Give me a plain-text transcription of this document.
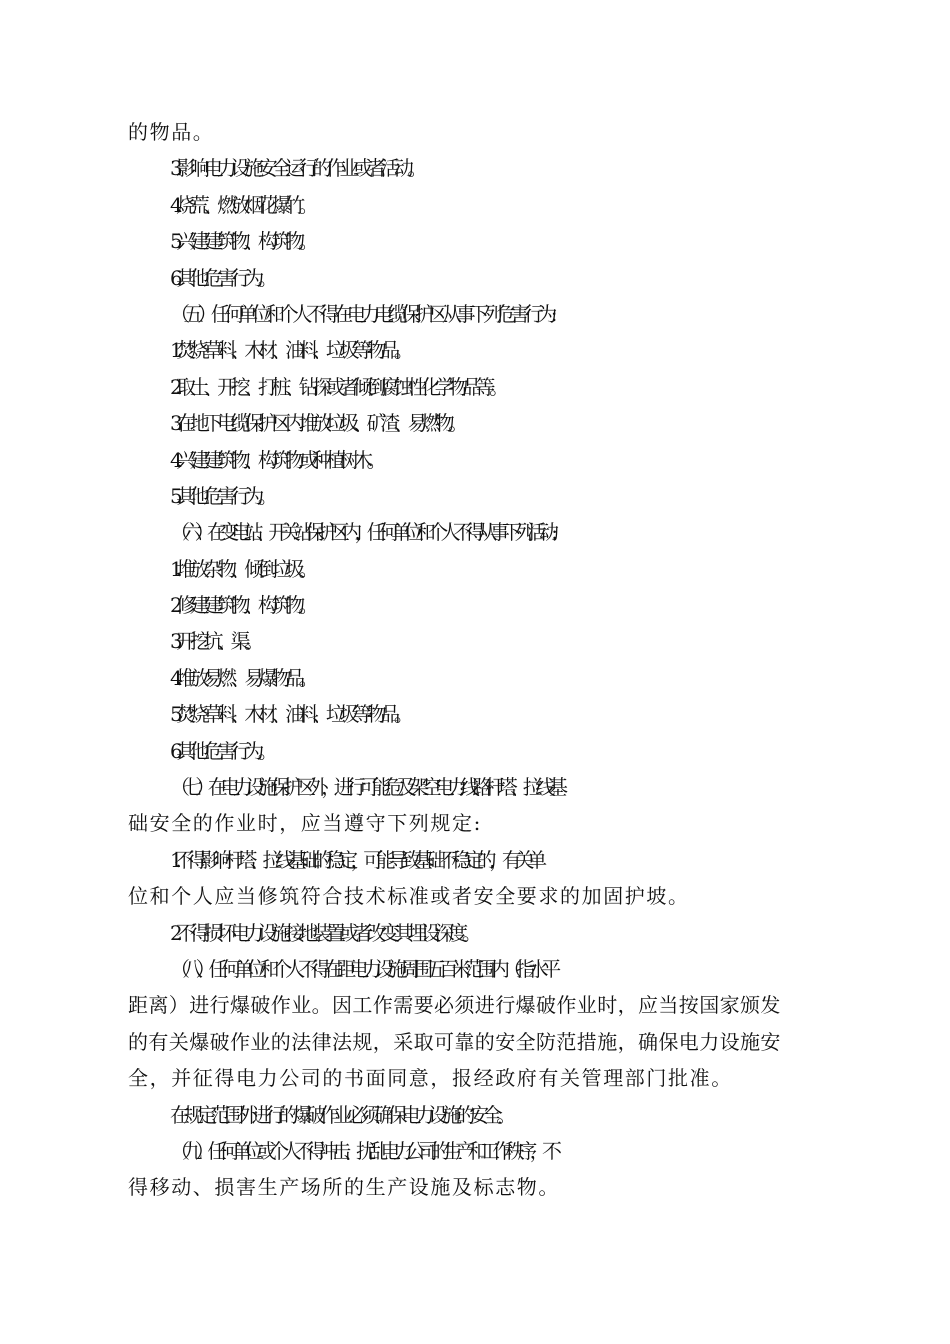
的物品。
3.影响电力设施安全运行的作业或者活动。
4.烧荒、燃放烟花爆竹。
5.兴建建筑物、构筑物。
6.其他危害行为。
（五）任何单位和个人不得在电力电缆保护区从事下列危害行为:
1.焚烧草料、木材、油料、垃圾等物品。
2.取土、开挖、打桩、钻探或者倾倒腐蚀性化学物品等。
3.在地下电缆保护区内堆放垃圾、矿渣、易燃物。
4.兴建建筑物、构筑物或种植树木。
5.其他危害行为。
（六）在变电站、开关站保护区内，任何单位和个人不得从事下列活动:
1.堆放杂物、倾倒垃圾。
2.修建建筑物、构筑物。
3.开挖坑、渠。
4.堆放易燃、易爆物品。
5.焚烧草料、木材、油料、垃圾等物品。
6.其他危害行为。
（七）在电力设施保护区外，进行可能危及架空电力线路杆塔、拉线基
础安全的作业时，应当遵守下列规定:
1.不得影响杆塔、拉线基础的稳定，可能导致基础不稳定的，有关单
位和个人应当修筑符合技术标准或者安全要求的加固护坡。
2.不得损坏电力设施接地装置或者改变其埋设深度。
（八）任何单位和个人不得在距电力设施周围五百米范围内（指水平
距离）进行爆破作业。因工作需要必须进行爆破作业时，应当按国家颁发
的有关爆破作业的法律法规，采取可靠的安全防范措施，确保电力设施安
全，并征得电力公司的书面同意，报经政府有关管理部门批准。
在规定范围外进行的爆破作业必须确保电力设施的安全。
（九）任何单位或个人不得冲击、扰乱电力公司的生产和工作秩序，不
得移动、损害生产场所的生产设施及标志物。
